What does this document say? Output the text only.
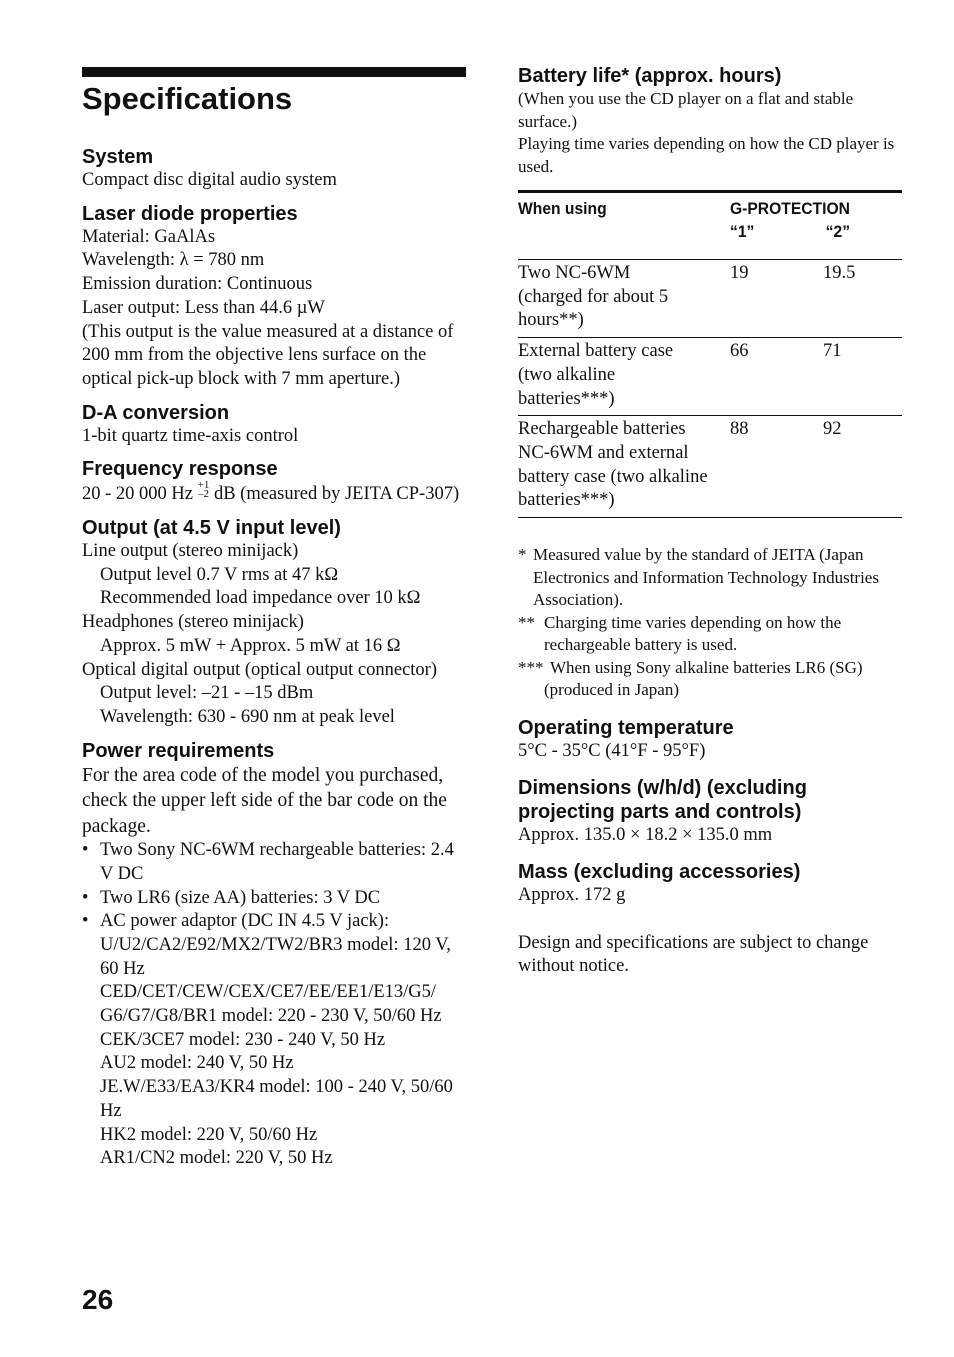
Specifications
System
Compact disc digital audio system
Laser diode properties
Material: GaAlAs
Wavelength: λ = 780 nm
Emission duration: Continuous
Laser output: Less than 44.6 µW
(This output is the value measured at a distance of 200 mm from the objective lens surface on the optical pick-up block with 7 mm aperture.)
D-A conversion
1-bit quartz time-axis control
Frequency response
20 - 20 000 Hz +1
–2 dB (measured by JEITA CP-307)
Output (at 4.5 V input level)
Line output (stereo minijack)
Output level 0.7 V rms at 47 kΩ
Recommended load impedance over 10 kΩ
Headphones (stereo minijack)
Approx. 5 mW + Approx. 5 mW at 16 Ω
Optical digital output (optical output connector)
Output level: –21 - –15 dBm
Wavelength: 630 - 690 nm at peak level
Power requirements
For the area code of the model you purchased, check the upper left side of the bar code on the package.
• Two Sony NC-6WM rechargeable batteries: 2.4 V DC
• Two LR6 (size AA) batteries: 3 V DC
• AC power adaptor (DC IN 4.5 V jack):
U/U2/CA2/E92/MX2/TW2/BR3 model: 120 V, 60 Hz
CED/CET/CEW/CEX/CE7/EE/EE1/E13/G5/ G6/G7/G8/BR1 model: 220 - 230 V, 50/60 Hz
CEK/3CE7 model: 230 - 240 V, 50 Hz
AU2 model: 240 V, 50 Hz
JE.W/E33/EA3/KR4 model: 100 - 240 V, 50/60 Hz
HK2 model: 220 V, 50/60 Hz
AR1/CN2 model: 220 V, 50 Hz
Battery life* (approx. hours)
(When you use the CD player on a flat and stable surface.)
Playing time varies depending on how the CD player is used.
When using	G-PROTECTION
“1” “2”	

Two NC-6WM (charged for about 5 hours**)	19	19.5
External battery case (two alkaline batteries***)	66	71
Rechargeable batteries NC-6WM and external battery case (two alkaline batteries***)	88	92
* Measured value by the standard of JEITA (Japan Electronics and Information Technology Industries Association).
** Charging time varies depending on how the rechargeable battery is used.
*** When using Sony alkaline batteries LR6 (SG) (produced in Japan)
Operating temperature
5°C - 35°C (41°F - 95°F)
Dimensions (w/h/d) (excluding projecting parts and controls)
Approx. 135.0 × 18.2 × 135.0 mm
Mass (excluding accessories)
Approx. 172 g
Design and specifications are subject to change without notice.
26
